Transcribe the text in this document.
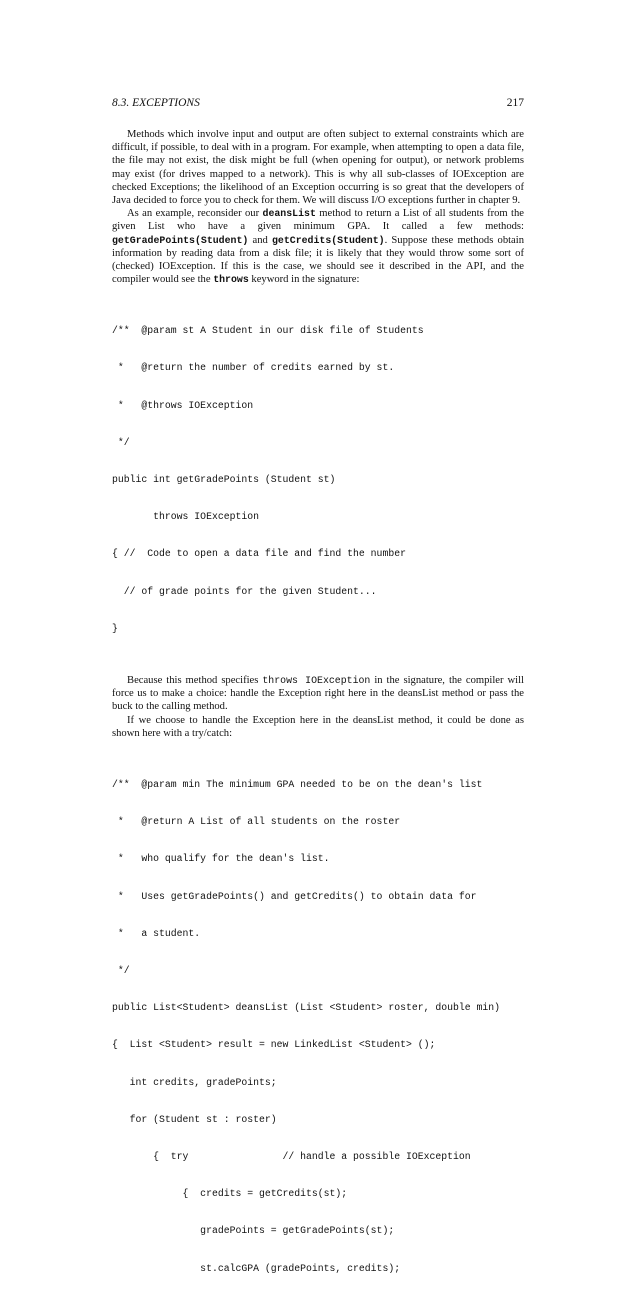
8.3. EXCEPTIONS	217

Methods which involve input and output are often subject to external constraints which are difficult, if possible, to deal with in a program. For example, when attempting to open a data file, the file may not exist, the disk might be full (when opening for output), or network problems may exist (for drives mapped to a network). This is why all sub-classes of IOException are checked Exceptions; the likelihood of an Exception occurring is so great that the developers of Java decided to force you to check for them. We will discuss I/O exceptions further in chapter 9.

As an example, reconsider our deansList method to return a List of all students from the given List who have a given minimum GPA. It called a few methods: getGradePoints(Student) and getCredits(Student). Suppose these methods obtain information by reading data from a disk file; it is likely that they would throw some sort of (checked) IOException. If this is the case, we should see it described in the API, and the compiler would see the throws keyword in the signature:

/**  @param st A Student in our disk file of Students

*   @return the number of credits earned by st.

*   @throws IOException

*/

public int getGradePoints (Student st)

throws IOException

{ //  Code to open a data file and find the number

// of grade points for the given Student...

}

Because this method specifies throws IOException in the signature, the compiler will force us to make a choice: handle the Exception right here in the deansList method or pass the buck to the calling method.

If we choose to handle the Exception here in the deansList method, it could be done as shown here with a try/catch:

/**  @param min The minimum GPA needed to be on the dean's list

*   @return A List of all students on the roster

*   who qualify for the dean's list.

*   Uses getGradePoints() and getCredits() to obtain data for

*   a student.

*/

public List<Student> deansList (List <Student> roster, double min)

{  List <Student> result = new LinkedList <Student> ();

int credits, gradePoints;

for (Student st : roster)

{  try                // handle a possible IOException

{  credits = getCredits(st);

gradePoints = getGradePoints(st);

st.calcGPA (gradePoints, credits);
